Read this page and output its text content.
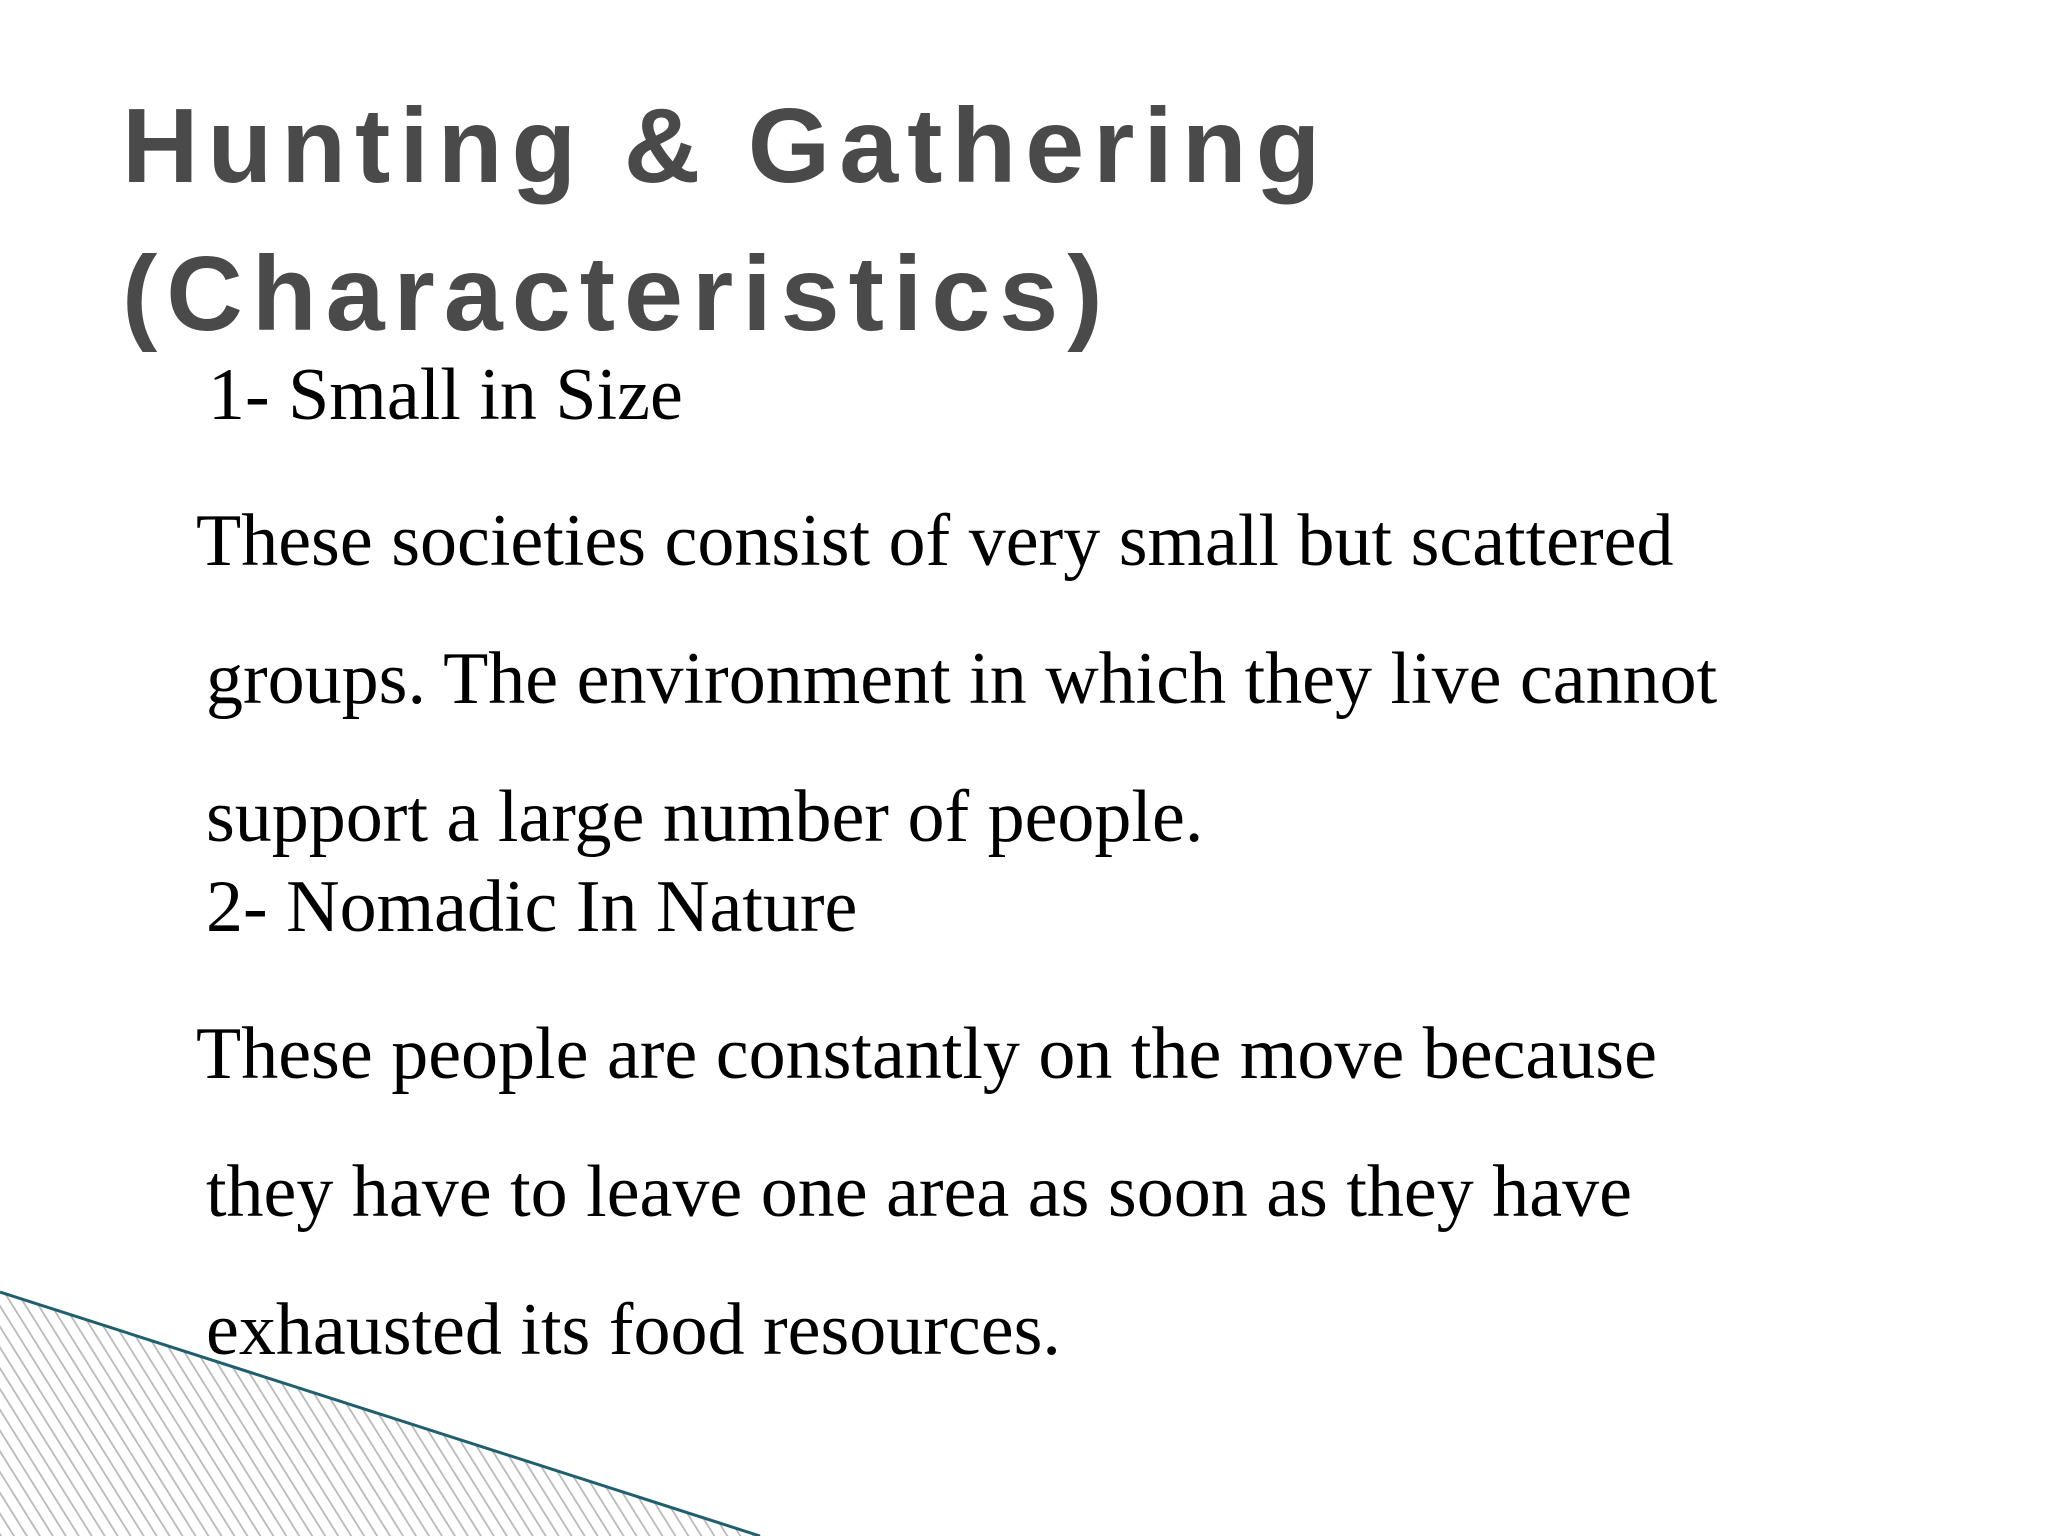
Hunting & Gathering
(Characteristics)

1- Small in Size

These societies consist of very small but scattered
groups. The environment in which they live cannot
support a large number of people.

2- Nomadic In Nature

These people are constantly on the move because
they have to leave one area as soon as they have
exhausted its food resources.
